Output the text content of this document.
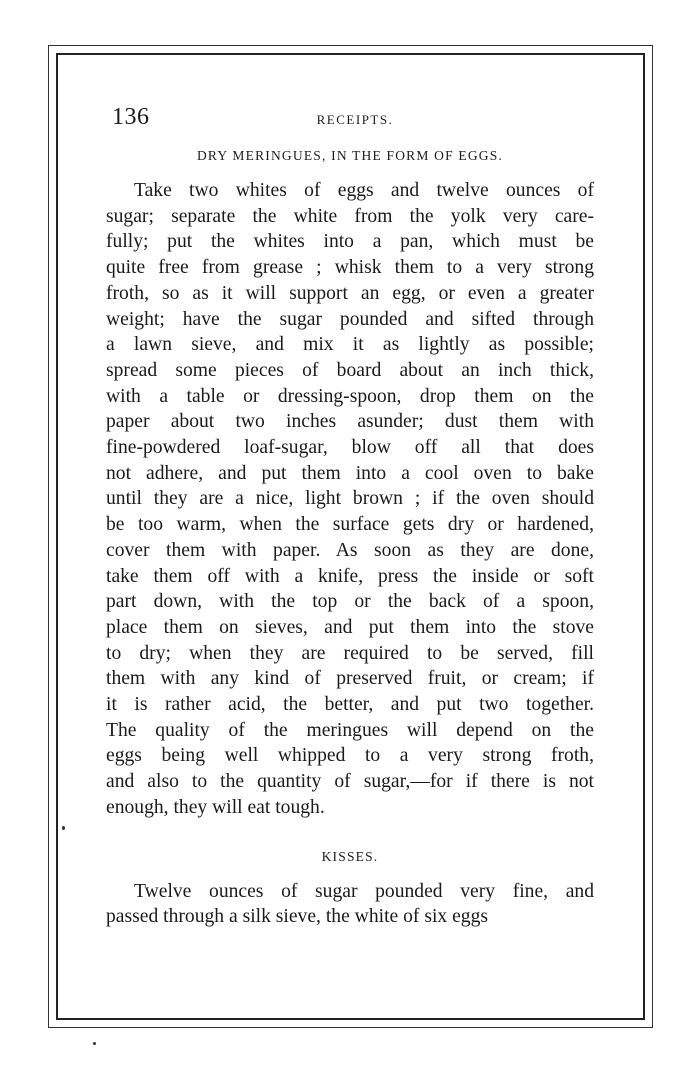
136	RECEIPTS.
DRY MERINGUES, IN THE FORM OF EGGS.
Take two whites of eggs and twelve ounces of
sugar; separate the white from the yolk very care-
fully; put the whites into a pan, which must be
quite free from grease ; whisk them to a very strong
froth, so as it will support an egg, or even a greater
weight; have the sugar pounded and sifted through
a lawn sieve, and mix it as lightly as possible;
spread some pieces of board about an inch thick,
with a table or dressing-spoon, drop them on the
paper about two inches asunder; dust them with
fine-powdered loaf-sugar, blow off all that does
not adhere, and put them into a cool oven to bake
until they are a nice, light brown ; if the oven should
be too warm, when the surface gets dry or hardened,
cover them with paper. As soon as they are done,
take them off with a knife, press the inside or soft
part down, with the top or the back of a spoon,
place them on sieves, and put them into the stove
to dry; when they are required to be served, fill
them with any kind of preserved fruit, or cream; if
it is rather acid, the better, and put two together.
The quality of the meringues will depend on the
eggs being well whipped to a very strong froth,
and also to the quantity of sugar,—for if there is not
enough, they will eat tough.
KISSES.
Twelve ounces of sugar pounded very fine, and
passed through a silk sieve, the white of six eggs
